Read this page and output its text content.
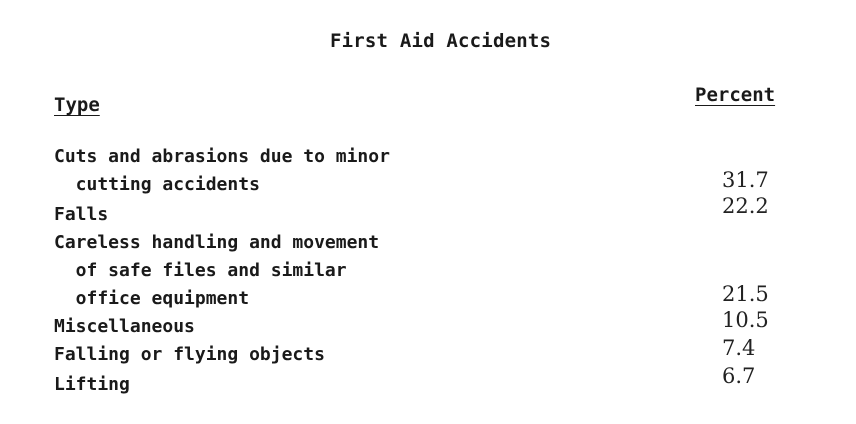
First Aid Accidents
Type	Percent
Cuts and abrasions due to minor
cutting accidents	31.7
Falls	22.2
Careless handling and movement
of safe files and similar
office equipment	21.5
Miscellaneous	10.5
Falling or flying objects	7.4
Lifting	6.7
